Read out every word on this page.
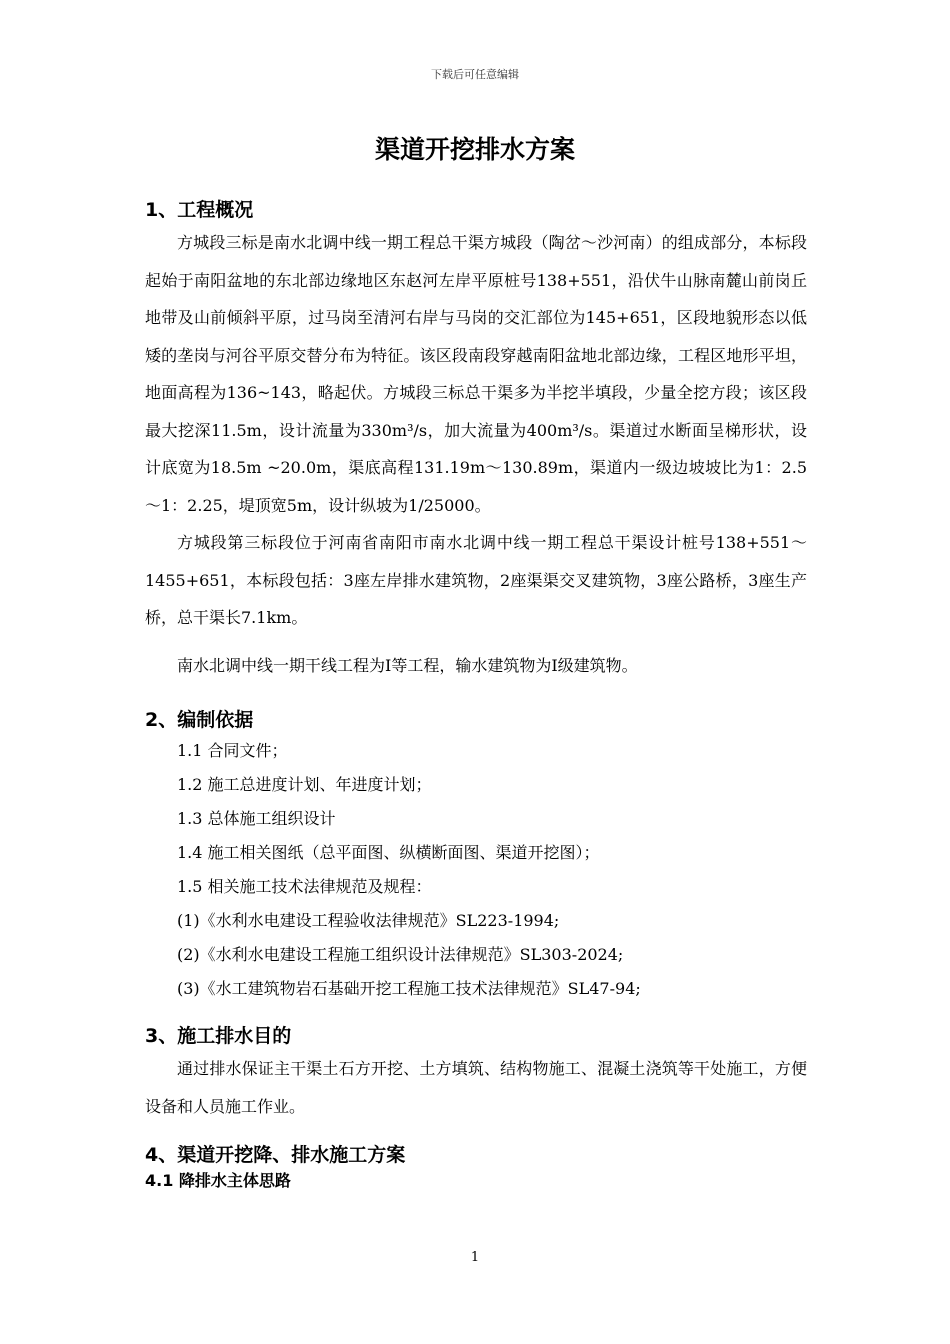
下载后可任意编辑
渠道开挖排水方案
1、工程概况

方城段三标是南水北调中线一期工程总干渠方城段（陶岔～沙河南）的组成部分，本标段起始于南阳盆地的东北部边缘地区东赵河左岸平原桩号138+551，沿伏牛山脉南麓山前岗丘地带及山前倾斜平原，过马岗至清河右岸与马岗的交汇部位为145+651，区段地貌形态以低矮的垄岗与河谷平原交替分布为特征。该区段南段穿越南阳盆地北部边缘，工程区地形平坦，地面高程为136~143，略起伏。方城段三标总干渠多为半挖半填段，少量全挖方段；该区段最大挖深11.5m，设计流量为330m³/s，加大流量为400m³/s。渠道过水断面呈梯形状，设计底宽为18.5m ~20.0m，渠底高程131.19m～130.89m，渠道内一级边坡坡比为1：2.5～1：2.25，堤顶宽5m，设计纵坡为1/25000。

方城段第三标段位于河南省南阳市南水北调中线一期工程总干渠设计桩号138+551～1455+651，本标段包括：3座左岸排水建筑物，2座渠渠交叉建筑物，3座公路桥，3座生产桥，总干渠长7.1km。

南水北调中线一期干线工程为Ⅰ等工程，输水建筑物为Ⅰ级建筑物。

2、编制依据

1.1 合同文件；

1.2 施工总进度计划、年进度计划；

1.3 总体施工组织设计

1.4 施工相关图纸（总平面图、纵横断面图、渠道开挖图）；

1.5 相关施工技术法律规范及规程：

(1)《水利水电建设工程验收法律规范》SL223-1994;

(2)《水利水电建设工程施工组织设计法律规范》SL303-2024;

(3)《水工建筑物岩石基础开挖工程施工技术法律规范》SL47-94;

3、施工排水目的

通过排水保证主干渠土石方开挖、土方填筑、结构物施工、混凝土浇筑等干处施工，方便设备和人员施工作业。

4、渠道开挖降、排水施工方案
4.1 降排水主体思路
1
